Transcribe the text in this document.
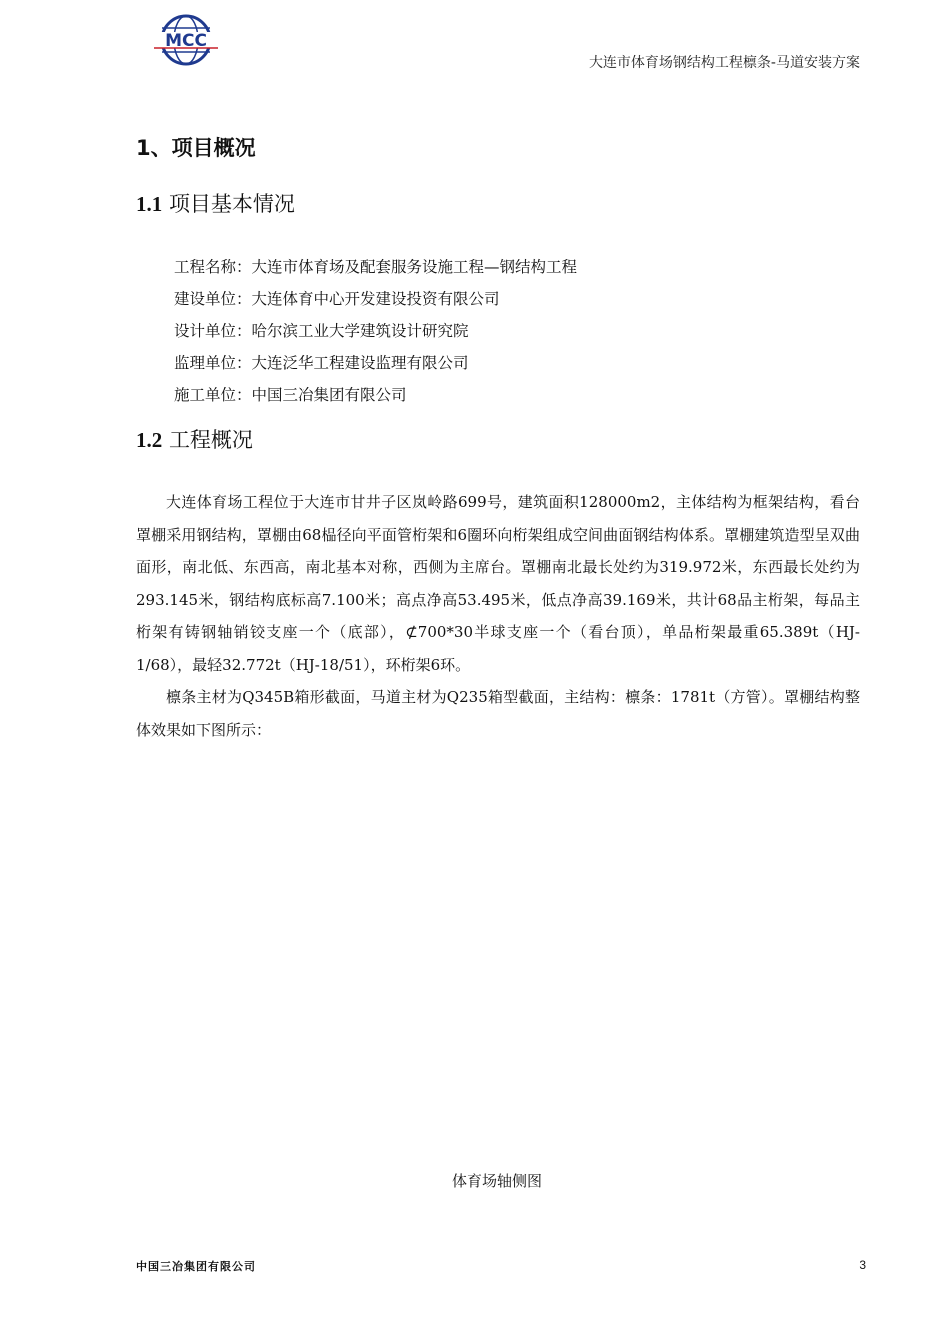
MCC
大连市体育场钢结构工程檩条-马道安装方案
1、项目概况
1.1 项目基本情况
工程名称：大连市体育场及配套服务设施工程—钢结构工程
建设单位：大连体育中心开发建设投资有限公司
设计单位：哈尔滨工业大学建筑设计研究院
监理单位：大连泛华工程建设监理有限公司
施工单位：中国三冶集团有限公司
1.2 工程概况

大连体育场工程位于大连市甘井子区岚岭路699号，建筑面积128000m2，主体结构为框架结构，看台罩棚采用钢结构，罩棚由68榀径向平面管桁架和6圈环向桁架组成空间曲面钢结构体系。罩棚建筑造型呈双曲面形，南北低、东西高，南北基本对称，西侧为主席台。罩棚南北最长处约为319.972米，东西最长处约为293.145米，钢结构底标高7.100米；高点净高53.495米，低点净高39.169米，共计68品主桁架，每品主桁架有铸钢轴销铰支座一个（底部），⊄700*30半球支座一个（看台顶），单品桁架最重65.389t（HJ-1/68），最轻32.772t（HJ-18/51），环桁架6环。

檩条主材为Q345B箱形截面，马道主材为Q235箱型截面，主结构：檩条：1781t（方管）。罩棚结构整体效果如下图所示：

体育场轴侧图
中国三冶集团有限公司	3
